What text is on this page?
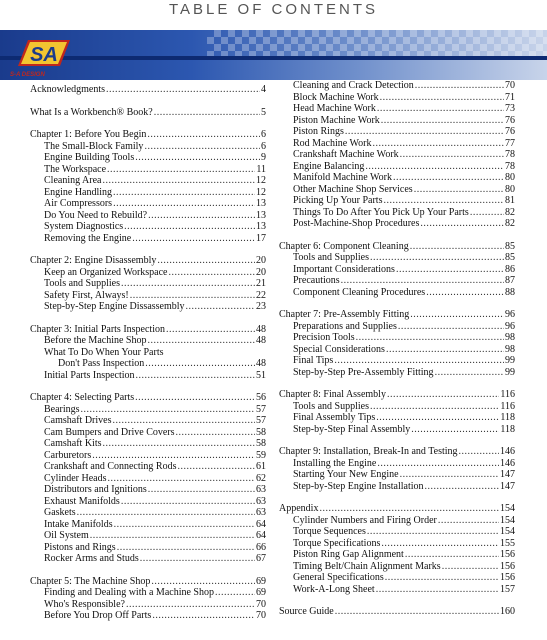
TABLE OF CONTENTS
SA
S-A DESIGN
Acknowledgments .....	4
What Is a Workbench® Book? .....	5
Chapter 1: Before You Begin .....	6
The Small-Block Family .....	6
Engine Building Tools .....	9
The Workspace .....	11
Cleaning Area .....	12
Engine Handling .....	12
Air Compressors .....	13
Do You Need to Rebuild? .....	13
System Diagnostics .....	13
Removing the Engine .....	17
Chapter 2: Engine Disassembly .....	20
Keep an Organized Workspace .....	20
Tools and Supplies .....	21
Safety First, Always! .....	22
Step-by-Step Engine Dissassembly .....	23
Chapter 3: Initial Parts Inspection .....	48
Before the Machine Shop .....	48
What To Do When Your Parts
Don't Pass Inspection .....	48
Initial Parts Inspection .....	51
Chapter 4: Selecting Parts .....	56
Bearings .....	57
Camshaft Drives .....	57
Cam Bumpers and Drive Covers .....	58
Camshaft Kits .....	58
Carburetors .....	59
Crankshaft and Connecting Rods .....	61
Cylinder Heads .....	62
Distributors and Ignitions .....	63
Exhaust Manifolds .....	63
Gaskets .....	63
Intake Manifolds .....	64
Oil System .....	64
Pistons and Rings .....	66
Rocker Arms and Studs .....	67
Chapter 5: The Machine Shop .....	69
Finding and Dealing with a Machine Shop .....	69
Who's Responsible? .....	70
Before You Drop Off Parts .....	70
Cleaning and Crack Detection .....	70
Block Machine Work .....	71
Head Machine Work .....	73
Piston Machine Work .....	76
Piston Rings .....	76
Rod Machine Work .....	77
Crankshaft Machine Work .....	78
Engine Balancing .....	78
Manifold Machine Work .....	80
Other Machine Shop Services .....	80
Picking Up Your Parts .....	81
Things To Do After You Pick Up Your Parts .....	82
Post-Machine-Shop Procedures .....	82
Chapter 6: Component Cleaning .....	85
Tools and Supplies .....	85
Important Considerations .....	86
Precautions .....	87
Component Cleaning Procedures .....	88
Chapter 7: Pre-Assembly Fitting .....	96
Preparations and Supplies .....	96
Precision Tools .....	98
Special Considerations .....	98
Final Tips .....	99
Step-by-Step Pre-Assembly Fitting .....	99
Chapter 8: Final Assembly .....	116
Tools and Supplies .....	116
Final Assembly Tips .....	118
Step-by-Step Final Assembly .....	118
Chapter 9: Installation, Break-In and Testing .....	146
Installing the Engine .....	146
Starting Your New Engine .....	147
Step-by-Step Engine Installation .....	147
Appendix .....	154
Cylinder Numbers and Firing Order .....	154
Torque Sequences .....	154
Torque Specifications .....	155
Piston Ring Gap Alignment .....	156
Timing Belt/Chain Alignment Marks .....	156
General Specifications .....	156
Work-A-Long Sheet .....	157
Source Guide .....	160
